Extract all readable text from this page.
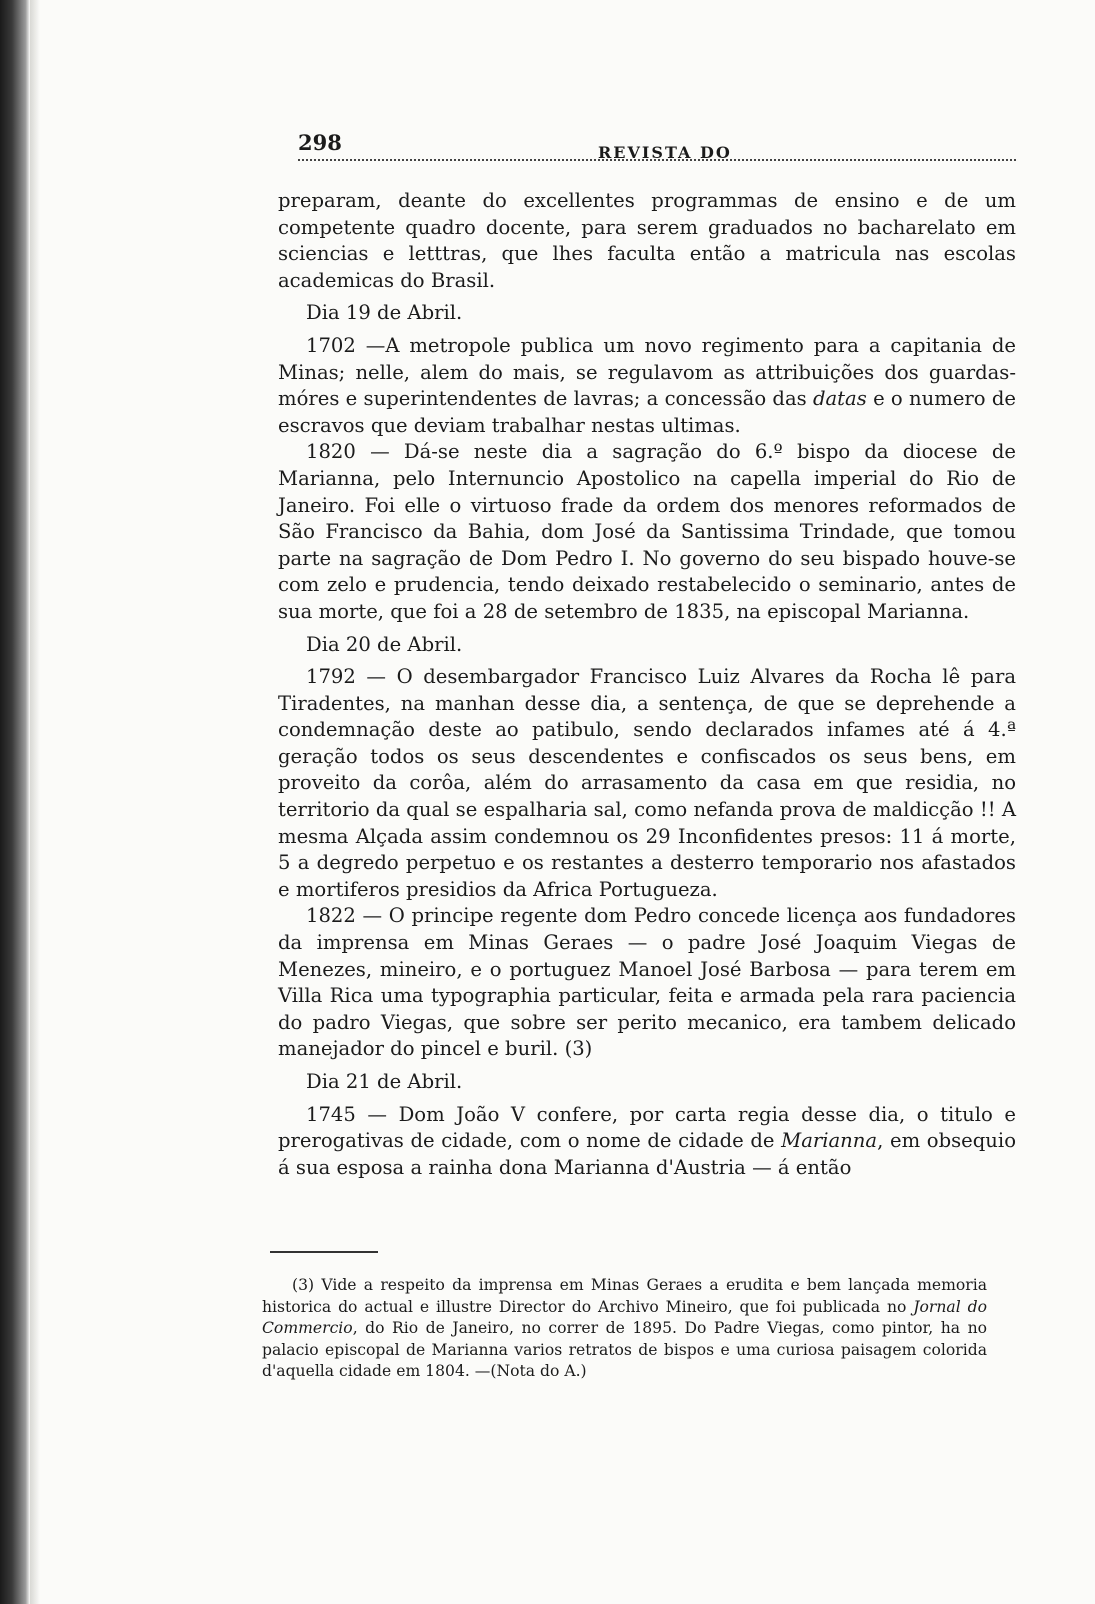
298	REVISTA DO

preparam, deante do excellentes programmas de ensino e de um competente quadro docente, para serem graduados no bacharelato em sciencias e letttras, que lhes faculta então a matricula nas escolas academicas do Brasil.

Dia 19 de Abril.

1702 —A metropole publica um novo regimento para a capitania de Minas; nelle, alem do mais, se regulavom as attribuições dos guardas-móres e superintendentes de lavras; a concessão das datas e o numero de escravos que deviam trabalhar nestas ultimas.

1820 — Dá-se neste dia a sagração do 6.º bispo da diocese de Marianna, pelo Internuncio Apostolico na capella imperial do Rio de Janeiro. Foi elle o virtuoso frade da ordem dos menores reformados de São Francisco da Bahia, dom José da Santissima Trindade, que tomou parte na sagração de Dom Pedro I. No governo do seu bispado houve-se com zelo e prudencia, tendo deixado restabelecido o seminario, antes de sua morte, que foi a 28 de setembro de 1835, na episcopal Marianna.

Dia 20 de Abril.

1792 — O desembargador Francisco Luiz Alvares da Rocha lê para Tiradentes, na manhan desse dia, a sentença, de que se deprehende a condemnação deste ao patibulo, sendo declarados infames até á 4.ª geração todos os seus descendentes e confiscados os seus bens, em proveito da corôa, além do arrasamento da casa em que residia, no territorio da qual se espalharia sal, como nefanda prova de maldicção !! A mesma Alçada assim condemnou os 29 Inconfidentes presos: 11 á morte, 5 a degredo perpetuo e os restantes a desterro temporario nos afastados e mortiferos presidios da Africa Portugueza.

1822 — O principe regente dom Pedro concede licença aos fundadores da imprensa em Minas Geraes — o padre José Joaquim Viegas de Menezes, mineiro, e o portuguez Manoel José Barbosa — para terem em Villa Rica uma typographia particular, feita e armada pela rara paciencia do padro Viegas, que sobre ser perito mecanico, era tambem delicado manejador do pincel e buril. (3)

Dia 21 de Abril.

1745 — Dom João V confere, por carta regia desse dia, o titulo e prerogativas de cidade, com o nome de cidade de Marianna, em obsequio á sua esposa a rainha dona Marianna d'Austria — á então

(3) Vide a respeito da imprensa em Minas Geraes a erudita e bem lançada memoria historica do actual e illustre Director do Archivo Mineiro, que foi publicada no Jornal do Commercio, do Rio de Janeiro, no correr de 1895. Do Padre Viegas, como pintor, ha no palacio episcopal de Marianna varios retratos de bispos e uma curiosa paisagem colorida d'aquella cidade em 1804. —(Nota do A.)
